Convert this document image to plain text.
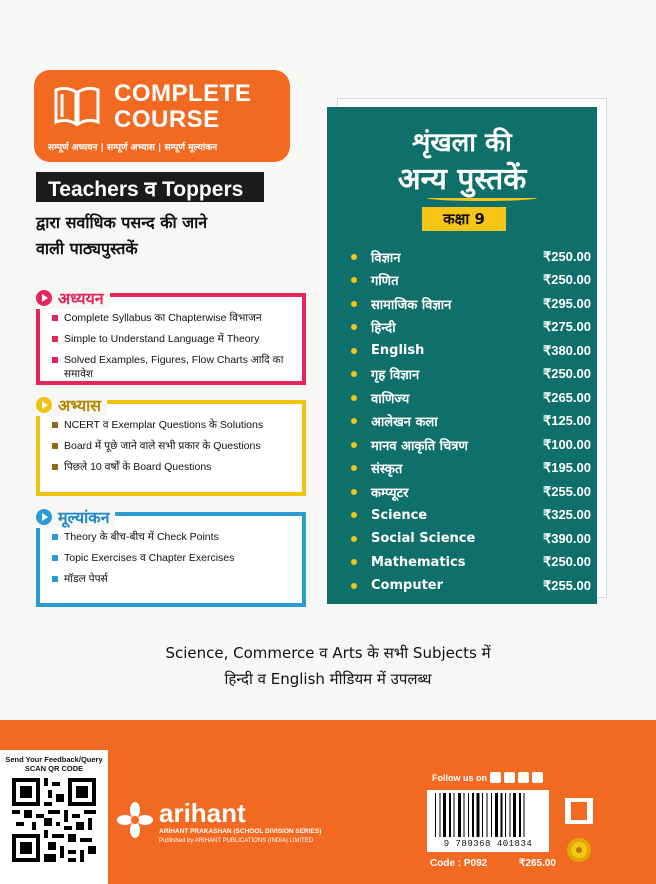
COMPLETE
COURSE
सम्पूर्ण अध्ययन | सम्पूर्ण अभ्यास | सम्पूर्ण मूल्यांकन
Teachers व Toppers
द्वारा सर्वाधिक पसन्द की जाने
वाली पाठ्यपुस्तकें
अध्ययन
Complete Syllabus का Chapterwise विभाजन
Simple to Understand Language में Theory
Solved Examples, Figures, Flow Charts आदि का समावेश
अभ्यास
NCERT व Exemplar Questions के Solutions
Board में पूछे जाने वाले सभी प्रकार के Questions
पिछले 10 वर्षों के Board Questions
मूल्यांकन
Theory के बीच-बीच में Check Points
Topic Exercises व Chapter Exercises
मॉडल पेपर्स
शृंखला की
अन्य पुस्तकें
कक्षा 9
विज्ञान	₹250.00
गणित	₹250.00
सामाजिक विज्ञान	₹295.00
हिन्दी	₹275.00
English	₹380.00
गृह विज्ञान	₹250.00
वाणिज्य	₹265.00
आलेखन कला	₹125.00
मानव आकृति चित्रण	₹100.00
संस्कृत	₹195.00
कम्प्यूटर	₹255.00
Science	₹325.00
Social Science	₹390.00
Mathematics	₹250.00
Computer	₹255.00
Science, Commerce व Arts के सभी Subjects में
हिन्दी व English मीडियम में उपलब्ध
Send Your Feedback/Query
SCAN QR CODE
arihant
ARIHANT PRAKASHAN (SCHOOL DIVISION SERIES)
Published by ARIHANT PUBLICATIONS (INDIA) LIMITED
Follow us on
9 789368 401834
Code : P092	₹265.00
